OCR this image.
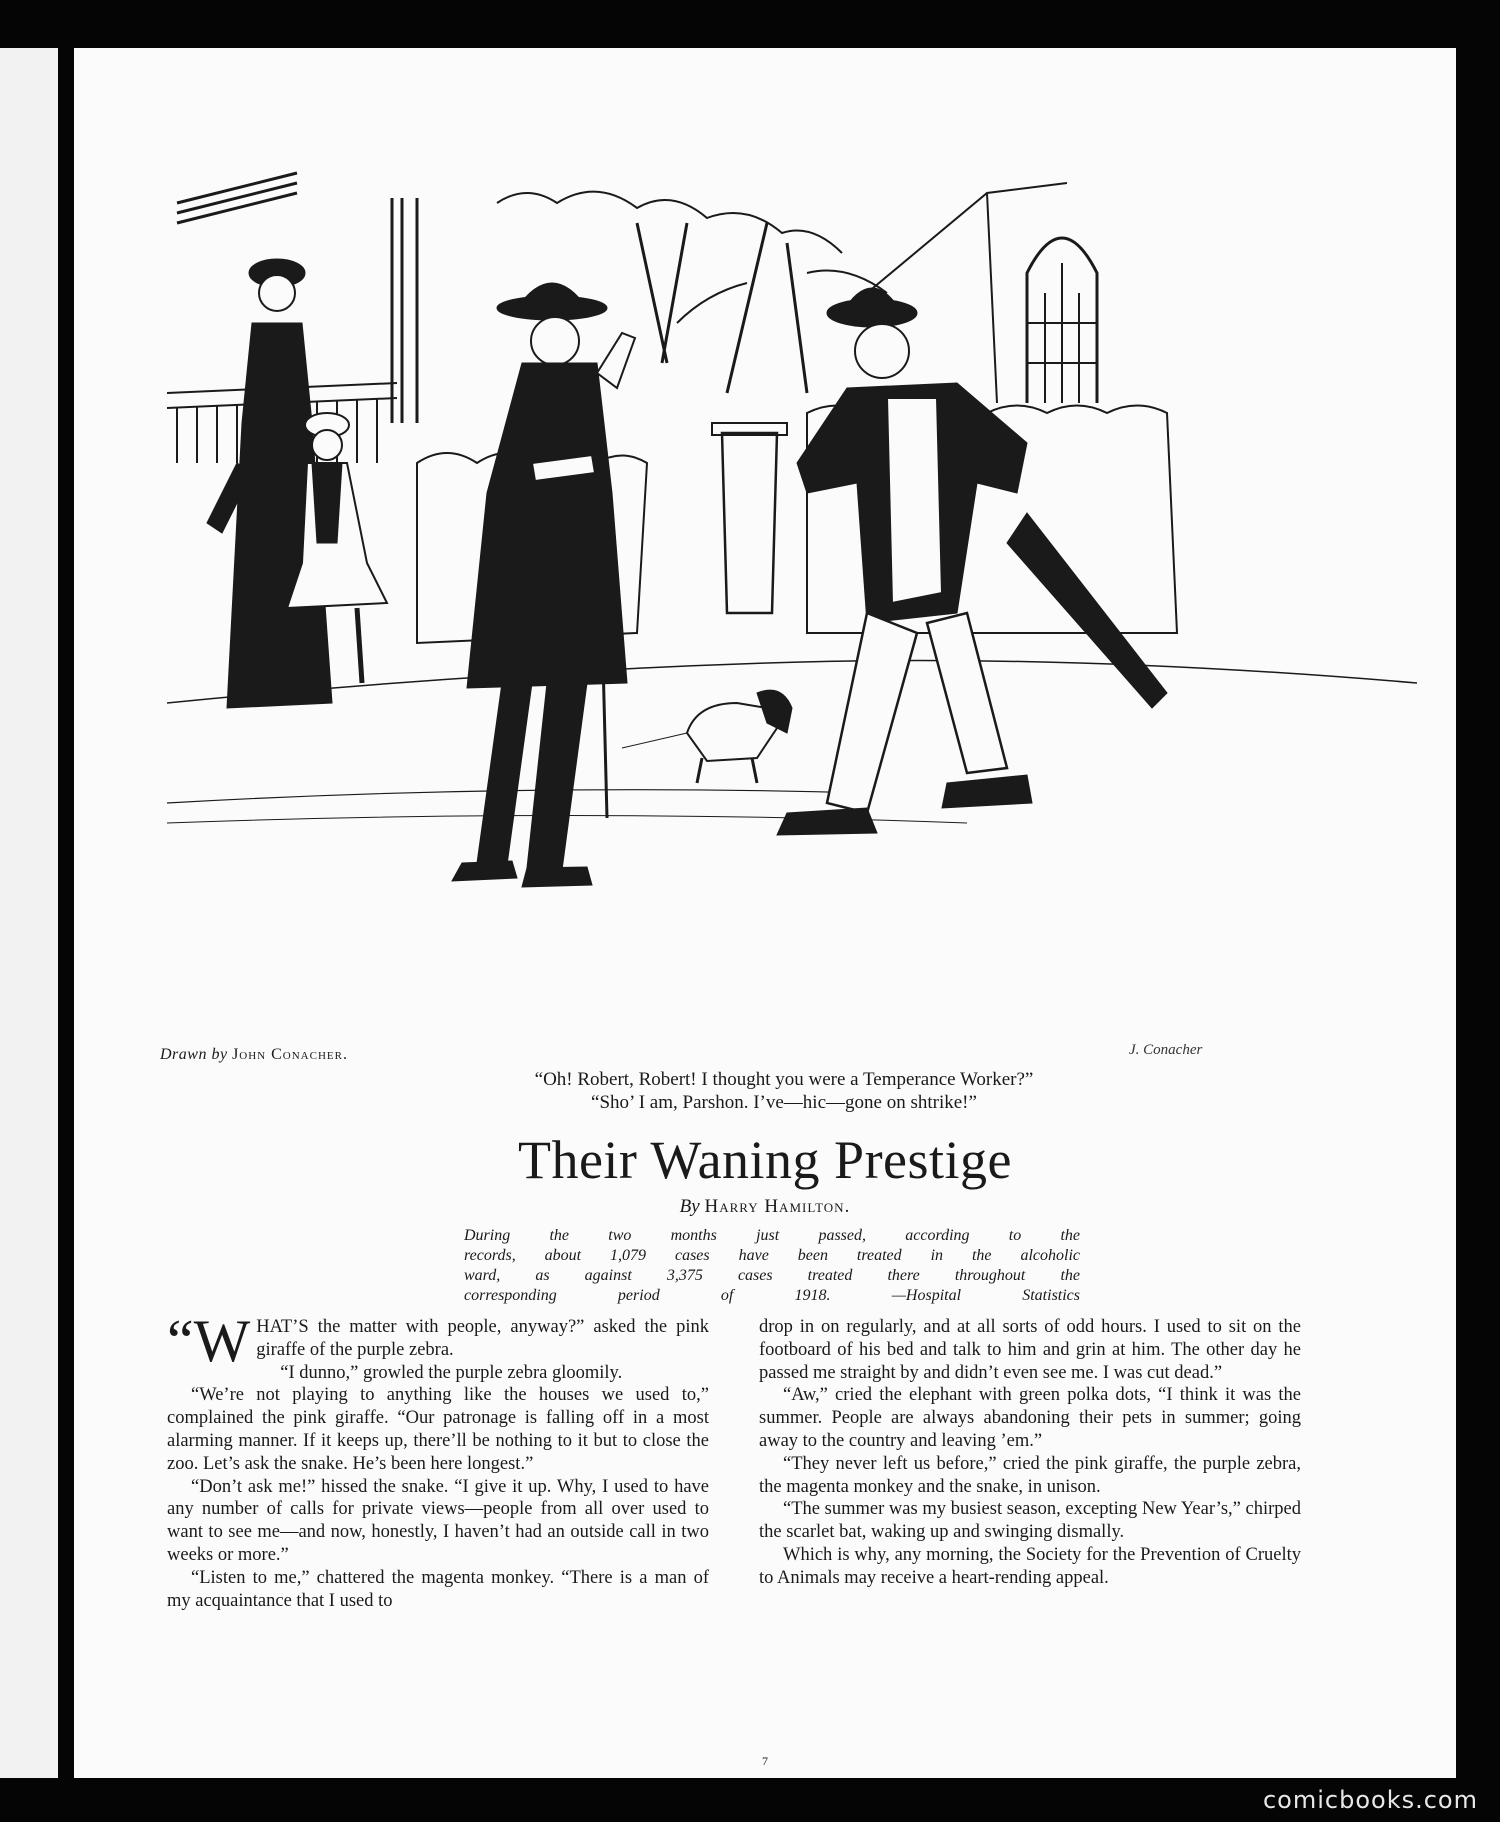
Drawn by John Conacher.	J. Conacher
“Oh! Robert, Robert! I thought you were a Temperance Worker?”
“Sho’ I am, Parshon. I’ve—hic—gone on shtrike!”
Their Waning Prestige
By Harry Hamilton.
During the two months just passed, according to the
records, about 1,079 cases have been treated in the alcoholic
ward, as against 3,375 cases treated there throughout the
corresponding period of 1918.	—Hospital Statistics

“WHAT’S the matter with people, anyway?” asked the pink giraffe of the purple zebra.

“I dunno,” growled the purple zebra gloomily.

“We’re not playing to anything like the houses we used to,” complained the pink giraffe. “Our patronage is falling off in a most alarming manner. If it keeps up, there’ll be nothing to it but to close the zoo. Let’s ask the snake. He’s been here longest.”

“Don’t ask me!” hissed the snake. “I give it up. Why, I used to have any number of calls for private views—people from all over used to want to see me—and now, honestly, I haven’t had an outside call in two weeks or more.”

“Listen to me,” chattered the magenta monkey. “There is a man of my acquaintance that I used to

drop in on regularly, and at all sorts of odd hours. I used to sit on the footboard of his bed and talk to him and grin at him. The other day he passed me straight by and didn’t even see me. I was cut dead.”

“Aw,” cried the elephant with green polka dots, “I think it was the summer. People are always abandoning their pets in summer; going away to the country and leaving ’em.”

“They never left us before,” cried the pink giraffe, the purple zebra, the magenta monkey and the snake, in unison.

“The summer was my busiest season, excepting New Year’s,” chirped the scarlet bat, waking up and swinging dismally.

Which is why, any morning, the Society for the Prevention of Cruelty to Animals may receive a heart-rending appeal.

7
comicbooks.com
